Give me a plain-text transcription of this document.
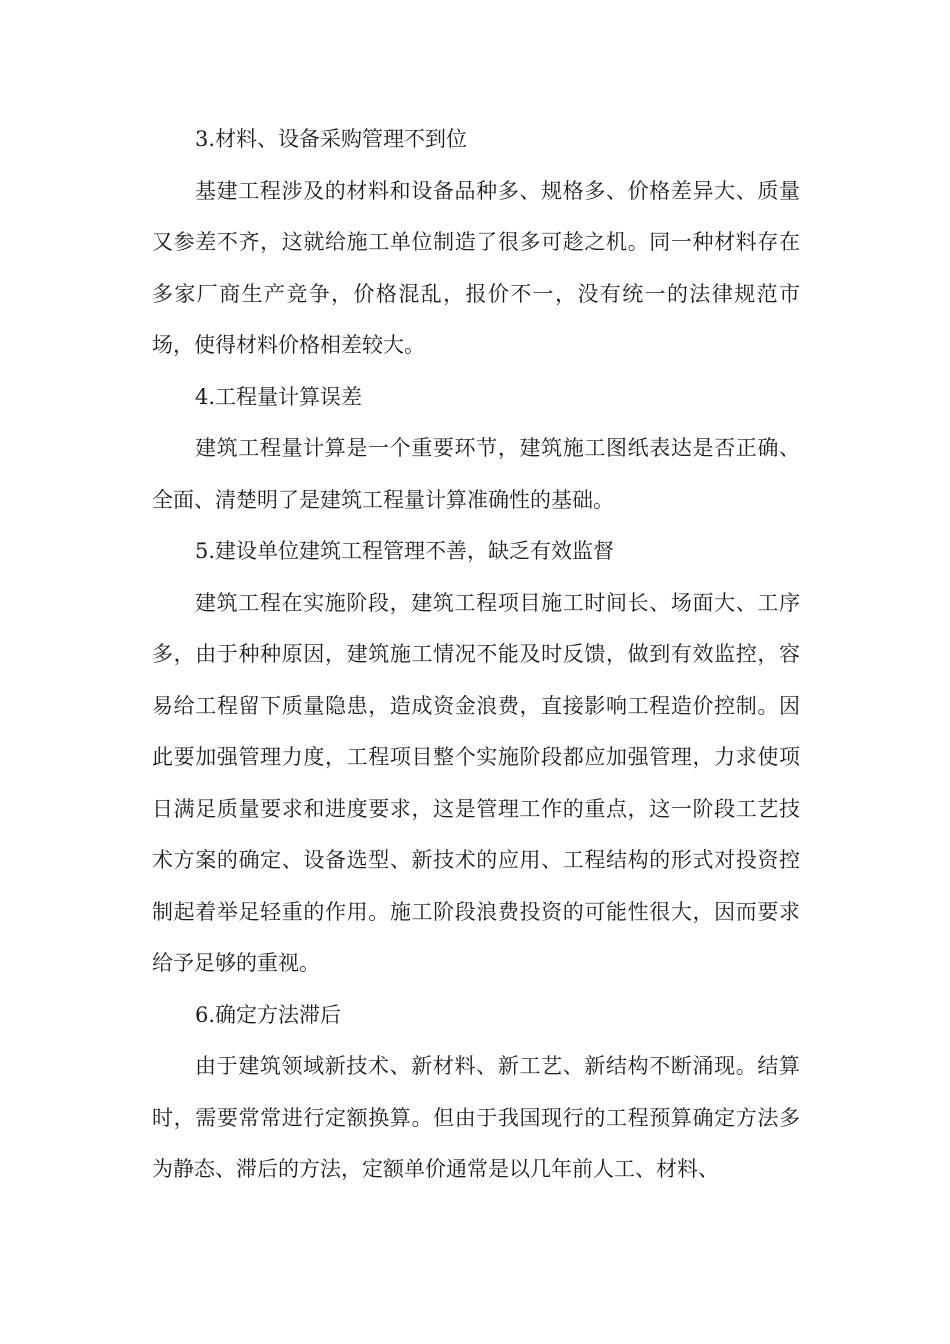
3.材料、设备采购管理不到位

基建工程涉及的材料和设备品种多、规格多、价格差异大、质量又参差不齐，这就给施工单位制造了很多可趁之机。同一种材料存在多家厂商生产竞争，价格混乱，报价不一，没有统一的法律规范市场，使得材料价格相差较大。

4.工程量计算误差

建筑工程量计算是一个重要环节，建筑施工图纸表达是否正确、全面、清楚明了是建筑工程量计算准确性的基础。

5.建设单位建筑工程管理不善，缺乏有效监督

建筑工程在实施阶段，建筑工程项目施工时间长、场面大、工序多，由于种种原因，建筑施工情况不能及时反馈，做到有效监控，容易给工程留下质量隐患，造成资金浪费，直接影响工程造价控制。因此要加强管理力度，工程项目整个实施阶段都应加强管理，力求使项日满足质量要求和进度要求，这是管理工作的重点，这一阶段工艺技术方案的确定、设备选型、新技术的应用、工程结构的形式对投资控制起着举足轻重的作用。施工阶段浪费投资的可能性很大，因而要求给予足够的重视。

6.确定方法滞后

由于建筑领域新技术、新材料、新工艺、新结构不断涌现。结算时，需要常常进行定额换算。但由于我国现行的工程预算确定方法多为静态、滞后的方法，定额单价通常是以几年前人工、材料、
